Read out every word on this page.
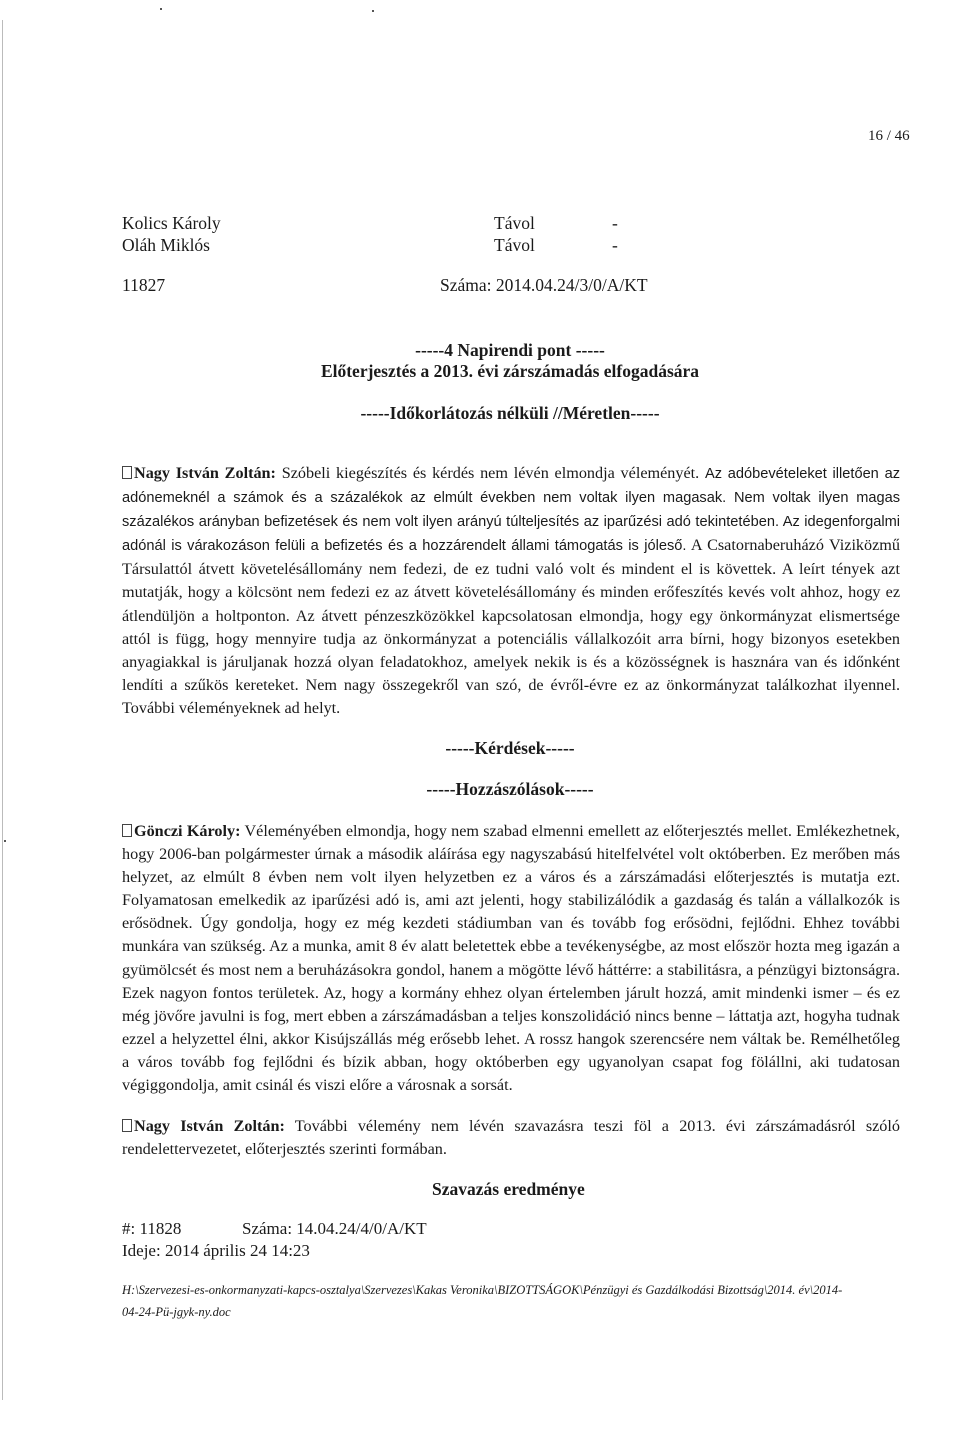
16 / 46
Kolics Károly	Távol	-
Oláh Miklós	Távol	-
11827	Száma: 2014.04.24/3/0/A/KT
-----4 Napirendi pont -----
Előterjesztés a 2013. évi zárszámadás elfogadására
-----Időkorlátozás nélküli //Méretlen-----
Nagy István Zoltán: Szóbeli kiegészítés és kérdés nem lévén elmondja véleményét. Az adóbevételeket illetően az adónemeknél a számok és a százalékok az elmúlt években nem voltak ilyen magasak. Nem voltak ilyen magas százalékos arányban befizetések és nem volt ilyen arányú túlteljesítés az iparűzési adó tekintetében. Az idegenforgalmi adónál is várakozáson felüli a befizetés és a hozzárendelt állami támogatás is jóleső. A Csatornaberuházó Viziközmű Társulattól átvett követelésállomány nem fedezi, de ez tudni való volt és mindent el is követtek. A leírt tények azt mutatják, hogy a kölcsönt nem fedezi ez az átvett követelésállomány és minden erőfeszítés kevés volt ahhoz, hogy ez átlendüljön a holtponton. Az átvett pénzeszközökkel kapcsolatosan elmondja, hogy egy önkormányzat elismertsége attól is függ, hogy mennyire tudja az önkormányzat a potenciális vállalkozóit arra bírni, hogy bizonyos esetekben anyagiakkal is járuljanak hozzá olyan feladatokhoz, amelyek nekik is és a közösségnek is hasznára van és időnként lendíti a szűkös kereteket. Nem nagy összegekről van szó, de évről-évre ez az önkormányzat találkozhat ilyennel. További véleményeknek ad helyt.
-----Kérdések-----
-----Hozzászólások-----
Gönczi Károly: Véleményében elmondja, hogy nem szabad elmenni emellett az előterjesztés mellet. Emlékezhetnek, hogy 2006-ban polgármester úrnak a második aláírása egy nagyszabású hitelfelvétel volt októberben. Ez merőben más helyzet, az elmúlt 8 évben nem volt ilyen helyzetben ez a város és a zárszámadási előterjesztés is mutatja ezt. Folyamatosan emelkedik az iparűzési adó is, ami azt jelenti, hogy stabilizálódik a gazdaság és talán a vállalkozók is erősödnek. Úgy gondolja, hogy ez még kezdeti stádiumban van és tovább fog erősödni, fejlődni. Ehhez további munkára van szükség. Az a munka, amit 8 év alatt beletettek ebbe a tevékenységbe, az most először hozta meg igazán a gyümölcsét és most nem a beruházásokra gondol, hanem a mögötte lévő háttérre: a stabilitásra, a pénzügyi biztonságra. Ezek nagyon fontos területek. Az, hogy a kormány ehhez olyan értelemben járult hozzá, amit mindenki ismer – és ez még jövőre javulni is fog, mert ebben a zárszámadásban a teljes konszolidáció nincs benne – láttatja azt, hogyha tudnak ezzel a helyzettel élni, akkor Kisújszállás még erősebb lehet. A rossz hangok szerencsére nem váltak be. Remélhetőleg a város tovább fog fejlődni és bízik abban, hogy októberben egy ugyanolyan csapat fog fölállni, aki tudatosan végiggondolja, amit csinál és viszi előre a városnak a sorsát.
Nagy István Zoltán: További vélemény nem lévén szavazásra teszi föl a 2013. évi zárszámadásról szóló rendelettervezetet, előterjesztés szerinti formában.
Szavazás eredménye
#: 11828	Száma: 14.04.24/4/0/A/KT
Ideje: 2014 április 24 14:23
H:\Szervezesi-es-onkormanyzati-kapcs-osztalya\Szervezes\Kakas Veronika\BIZOTTSÁGOK\Pénzügyi és Gazdálkodási Bizottság\2014. év\2014-
04-24-Pü-jgyk-ny.doc
